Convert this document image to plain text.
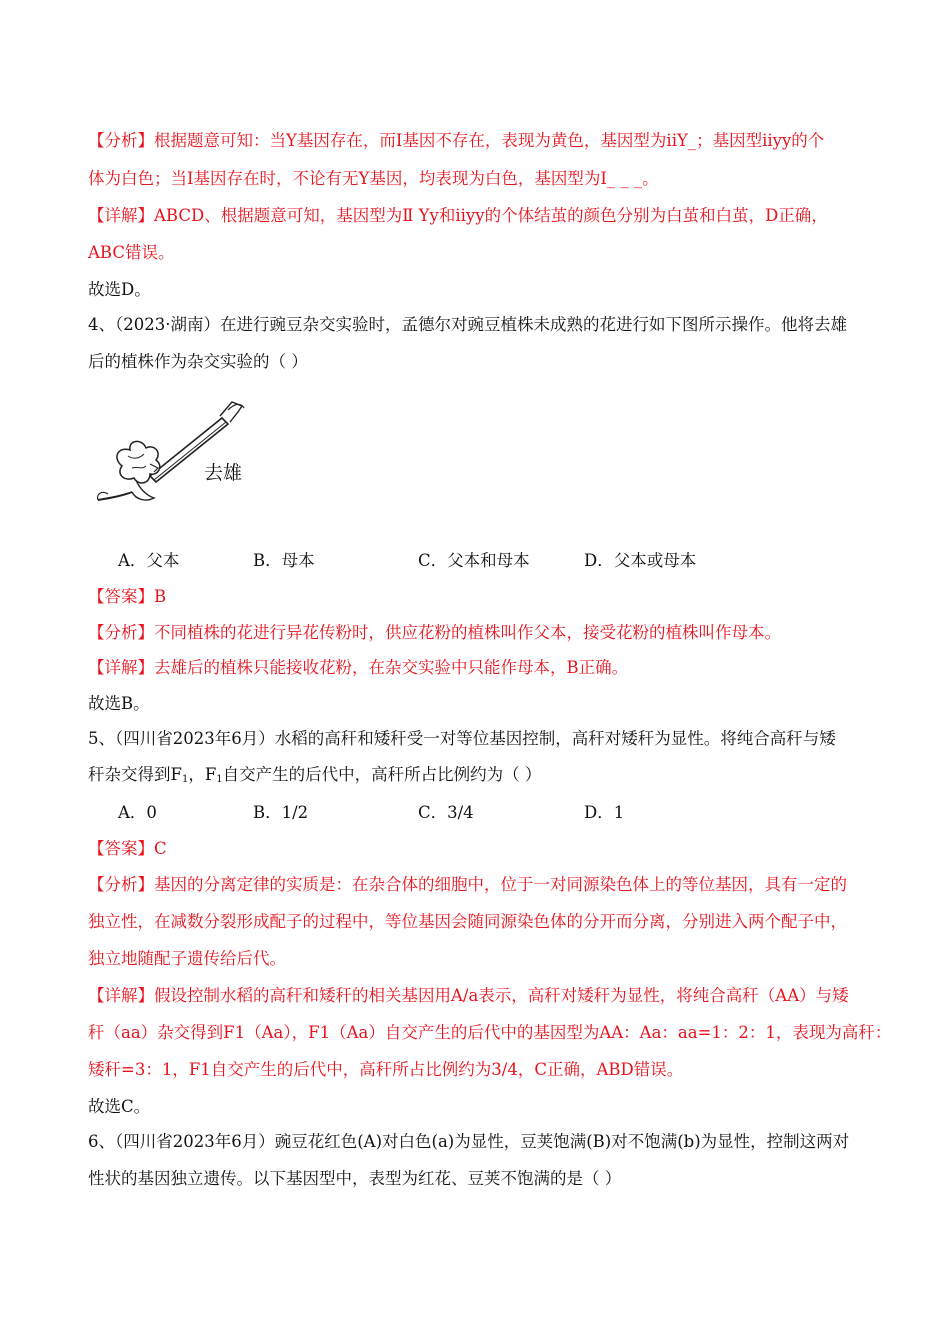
【分析】根据题意可知：当Y基因存在，而I基因不存在，表现为黄色，基因型为iiY_；基因型iiyy的个
体为白色；当I基因存在时，不论有无Y基因，均表现为白色，基因型为I_ _ _。
【详解】ABCD、根据题意可知，基因型为Ⅱ Yy和iiyy的个体结茧的颜色分别为白茧和白茧，D正确，
ABC错误。
故选D。
4、（2023·湖南）在进行豌豆杂交实验时，孟德尔对豌豆植株未成熟的花进行如下图所示操作。他将去雄
后的植株作为杂交实验的（ ）
去雄
A．父本	B．母本	C．父本和母本	D．父本或母本
【答案】B
【分析】不同植株的花进行异花传粉时，供应花粉的植株叫作父本，接受花粉的植株叫作母本。
【详解】去雄后的植株只能接收花粉，在杂交实验中只能作母本，B正确。
故选B。
5、（四川省2023年6月）水稻的高秆和矮秆受一对等位基因控制，高秆对矮秆为显性。将纯合高秆与矮
秆杂交得到$F_1$，$F_1$自交产生的后代中，高秆所占比例约为（ ）
A．0	B．1/2	C．3/4	D．1
【答案】C
【分析】基因的分离定律的实质是：在杂合体的细胞中，位于一对同源染色体上的等位基因，具有一定的
独立性，在减数分裂形成配子的过程中，等位基因会随同源染色体的分开而分离，分别进入两个配子中，
独立地随配子遗传给后代。
【详解】假设控制水稻的高秆和矮秆的相关基因用A/a表示，高秆对矮秆为显性，将纯合高秆（AA）与矮
秆（aa）杂交得到F1（Aa），F1（Aa）自交产生的后代中的基因型为AA：Aa：aa=1：2：1，表现为高秆：
矮秆=3：1，F1自交产生的后代中，高秆所占比例约为3/4，C正确，ABD错误。
故选C。
6、（四川省2023年6月）豌豆花红色(A)对白色(a)为显性，豆荚饱满(B)对不饱满(b)为显性，控制这两对
性状的基因独立遗传。以下基因型中，表型为红花、豆荚不饱满的是（ ）
